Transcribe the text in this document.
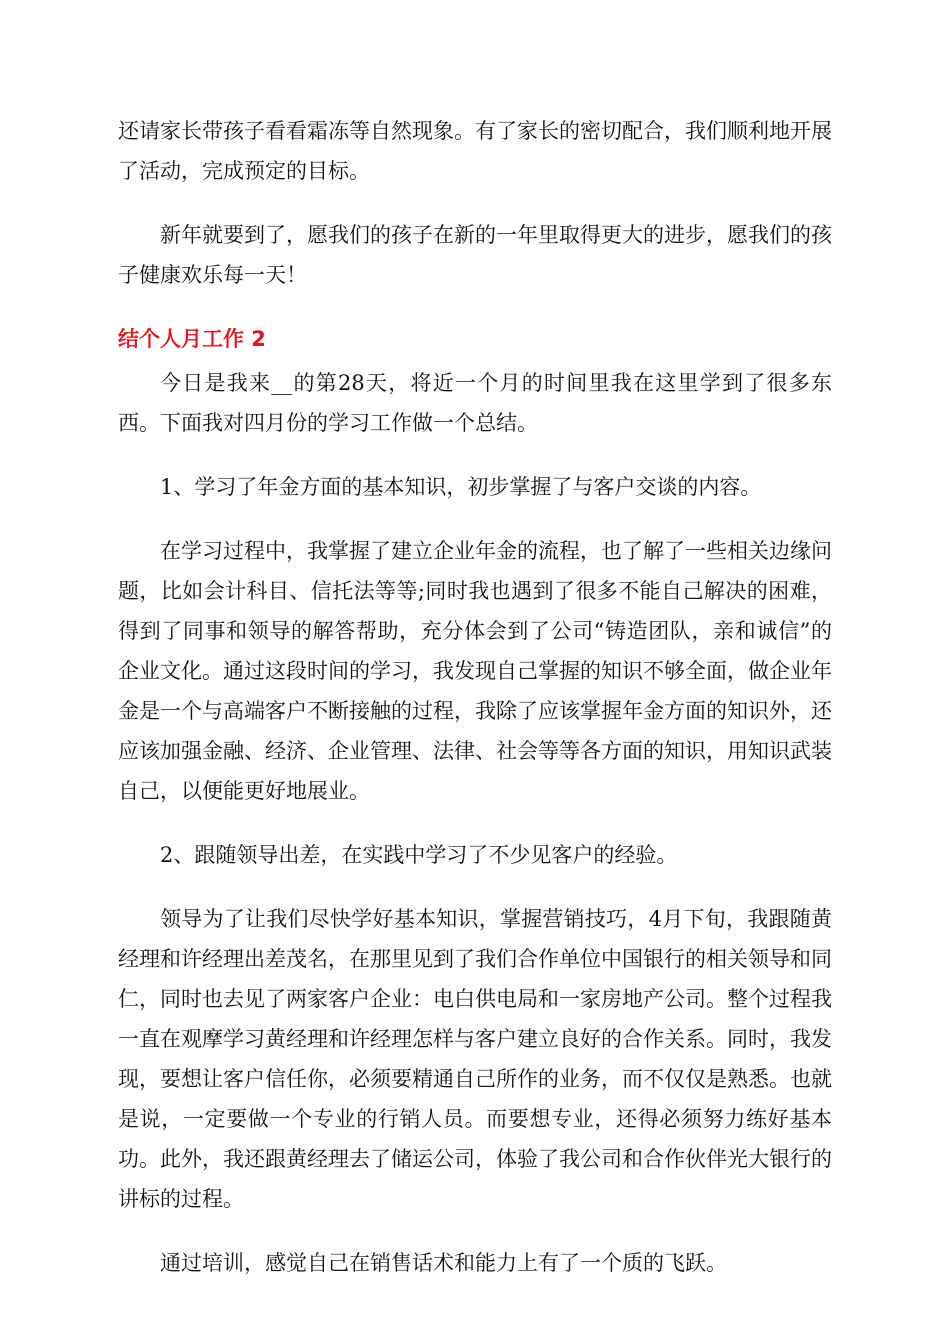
还请家长带孩子看看霜冻等自然现象。有了家长的密切配合，我们顺利地开展了活动，完成预定的目标。

新年就要到了，愿我们的孩子在新的一年里取得更大的进步，愿我们的孩子健康欢乐每一天！

结个人月工作 2

今日是我来__的第28天，将近一个月的时间里我在这里学到了很多东西。下面我对四月份的学习工作做一个总结。

1、学习了年金方面的基本知识，初步掌握了与客户交谈的内容。

在学习过程中，我掌握了建立企业年金的流程，也了解了一些相关边缘问题，比如会计科目、信托法等等;同时我也遇到了很多不能自己解决的困难，得到了同事和领导的解答帮助，充分体会到了公司“铸造团队，亲和诚信”的企业文化。通过这段时间的学习，我发现自己掌握的知识不够全面，做企业年金是一个与高端客户不断接触的过程，我除了应该掌握年金方面的知识外，还应该加强金融、经济、企业管理、法律、社会等等各方面的知识，用知识武装自己，以便能更好地展业。

2、跟随领导出差，在实践中学习了不少见客户的经验。

领导为了让我们尽快学好基本知识，掌握营销技巧，4月下旬，我跟随黄经理和许经理出差茂名，在那里见到了我们合作单位中国银行的相关领导和同仁，同时也去见了两家客户企业：电白供电局和一家房地产公司。整个过程我一直在观摩学习黄经理和许经理怎样与客户建立良好的合作关系。同时，我发现，要想让客户信任你，必须要精通自己所作的业务，而不仅仅是熟悉。也就是说，一定要做一个专业的行销人员。而要想专业，还得必须努力练好基本功。此外，我还跟黄经理去了储运公司，体验了我公司和合作伙伴光大银行的讲标的过程。

通过培训，感觉自己在销售话术和能力上有了一个质的飞跃。
